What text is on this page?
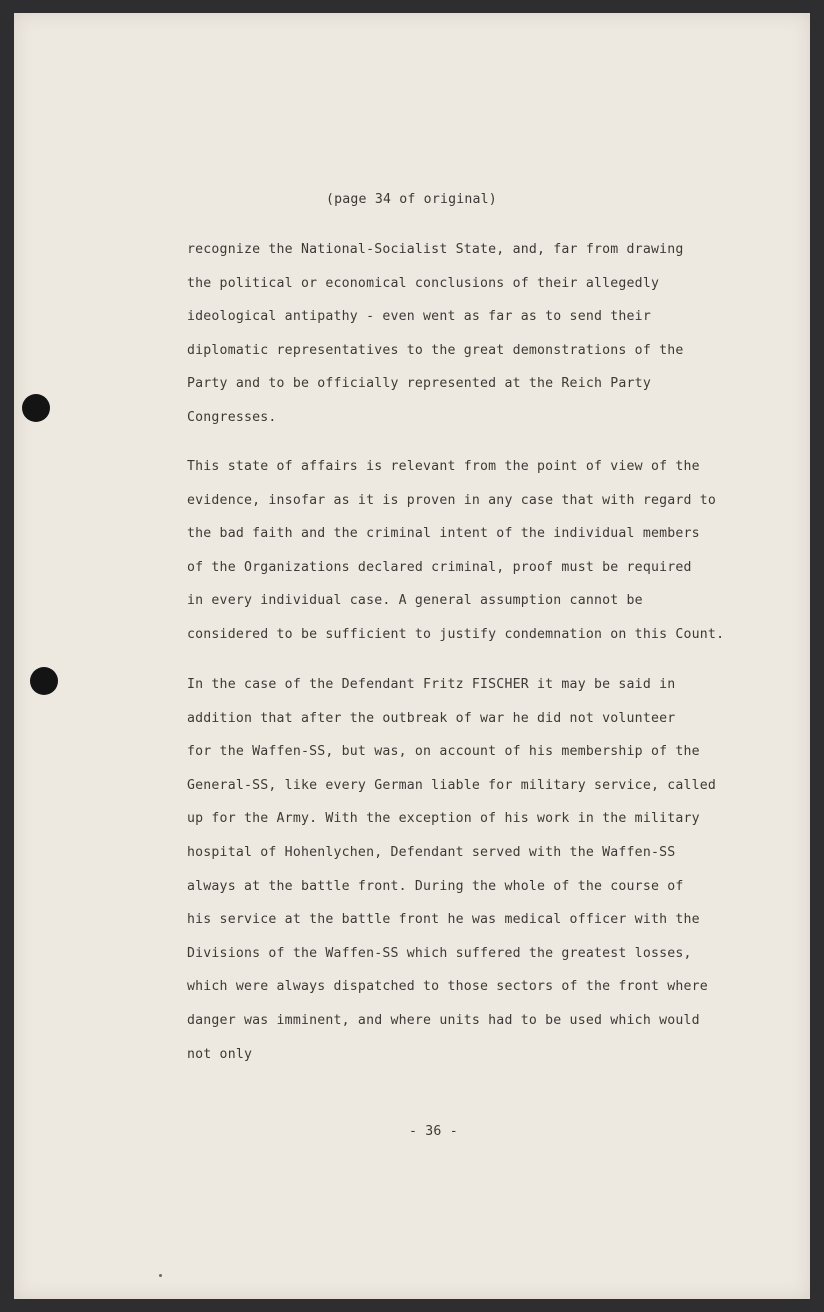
(page 34 of original)
recognize the National-Socialist State, and, far from drawing
the political or economical conclusions of their allegedly
ideological antipathy - even went as far as to send their
diplomatic representatives to the great demonstrations of the
Party and to be officially represented at the Reich Party
Congresses.
This state of affairs is relevant from the point of view of the
evidence, insofar as it is proven in any case that with regard to
the bad faith and the criminal intent of the individual members
of the Organizations declared criminal, proof must be required
in every individual case. A general assumption cannot be
considered to be sufficient to justify condemnation on this Count.
In the case of the Defendant Fritz FISCHER it may be said in
addition that after the outbreak of war he did not volunteer
for the Waffen-SS, but was, on account of his membership of the
General-SS, like every German liable for military service, called
up for the Army. With the exception of his work in the military
hospital of Hohenlychen, Defendant served with the Waffen-SS
always at the battle front. During the whole of the course of
his service at the battle front he was medical officer with the
Divisions of the Waffen-SS which suffered the greatest losses,
which were always dispatched to those sectors of the front where
danger was imminent, and where units had to be used which would
not only
- 36 -
